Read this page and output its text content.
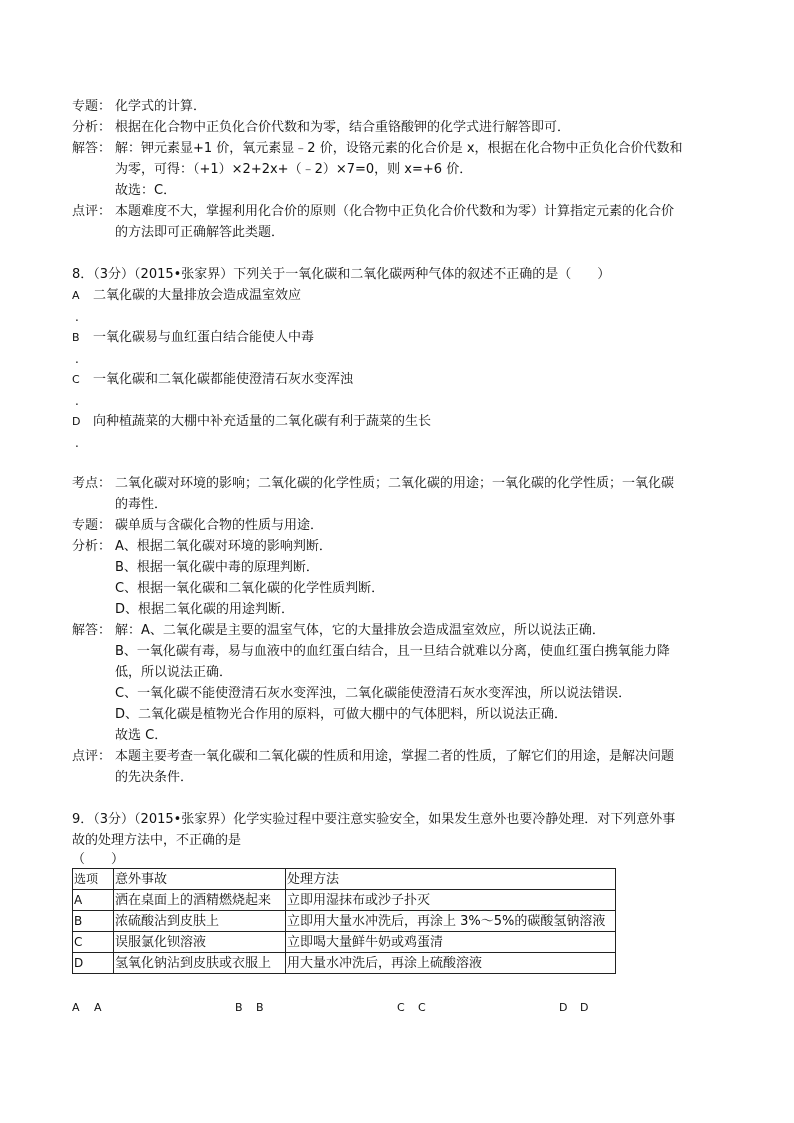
专题： 化学式的计算．
分析： 根据在化合物中正负化合价代数和为零，结合重铬酸钾的化学式进行解答即可．
解答： 解：钾元素显+1 价，氧元素显﹣2 价，设铬元素的化合价是 x，根据在化合物中正负化合价代数和
为零，可得：（+1）×2+2x+（﹣2）×7=0，则 x=+6 价．
故选：C．
点评： 本题难度不大，掌握利用化合价的原则（化合物中正负化合价代数和为零）计算指定元素的化合价
的方法即可正确解答此类题．
8．（3分）（2015•张家界）下列关于一氧化碳和二氧化碳两种气体的叙述不正确的是（　　）
A 二氧化碳的大量排放会造成温室效应
.
B 一氧化碳易与血红蛋白结合能使人中毒
.
C 一氧化碳和二氧化碳都能使澄清石灰水变浑浊
.
D 向种植蔬菜的大棚中补充适量的二氧化碳有利于蔬菜的生长
.
考点： 二氧化碳对环境的影响；二氧化碳的化学性质；二氧化碳的用途；一氧化碳的化学性质；一氧化碳
的毒性．
专题： 碳单质与含碳化合物的性质与用途．
分析： A、根据二氧化碳对环境的影响判断．
B、根据一氧化碳中毒的原理判断．
C、根据一氧化碳和二氧化碳的化学性质判断．
D、根据二氧化碳的用途判断．
解答： 解：A、二氧化碳是主要的温室气体，它的大量排放会造成温室效应，所以说法正确．
B、一氧化碳有毒，易与血液中的血红蛋白结合，且一旦结合就难以分离，使血红蛋白携氧能力降
低，所以说法正确．
C、一氧化碳不能使澄清石灰水变浑浊，二氧化碳能使澄清石灰水变浑浊，所以说法错误．
D、二氧化碳是植物光合作用的原料，可做大棚中的气体肥料，所以说法正确．
故选 C．
点评： 本题主要考查一氧化碳和二氧化碳的性质和用途，掌握二者的性质，了解它们的用途，是解决问题
的先决条件．
9．（3分）（2015•张家界）化学实验过程中要注意实验安全，如果发生意外也要冷静处理．对下列意外事
故的处理方法中，不正确的是
（　　）
选项	意外事故	处理方法
A	洒在桌面上的酒精燃烧起来	立即用湿抹布或沙子扑灭
B	浓硫酸沾到皮肤上	立即用大量水冲洗后，再涂上 3%～5%的碳酸氢钠溶液
C	误服氯化钡溶液	立即喝大量鲜牛奶或鸡蛋清
D	氢氧化钠沾到皮肤或衣服上	用大量水冲洗后，再涂上硫酸溶液
A A	B B	C C	D D
